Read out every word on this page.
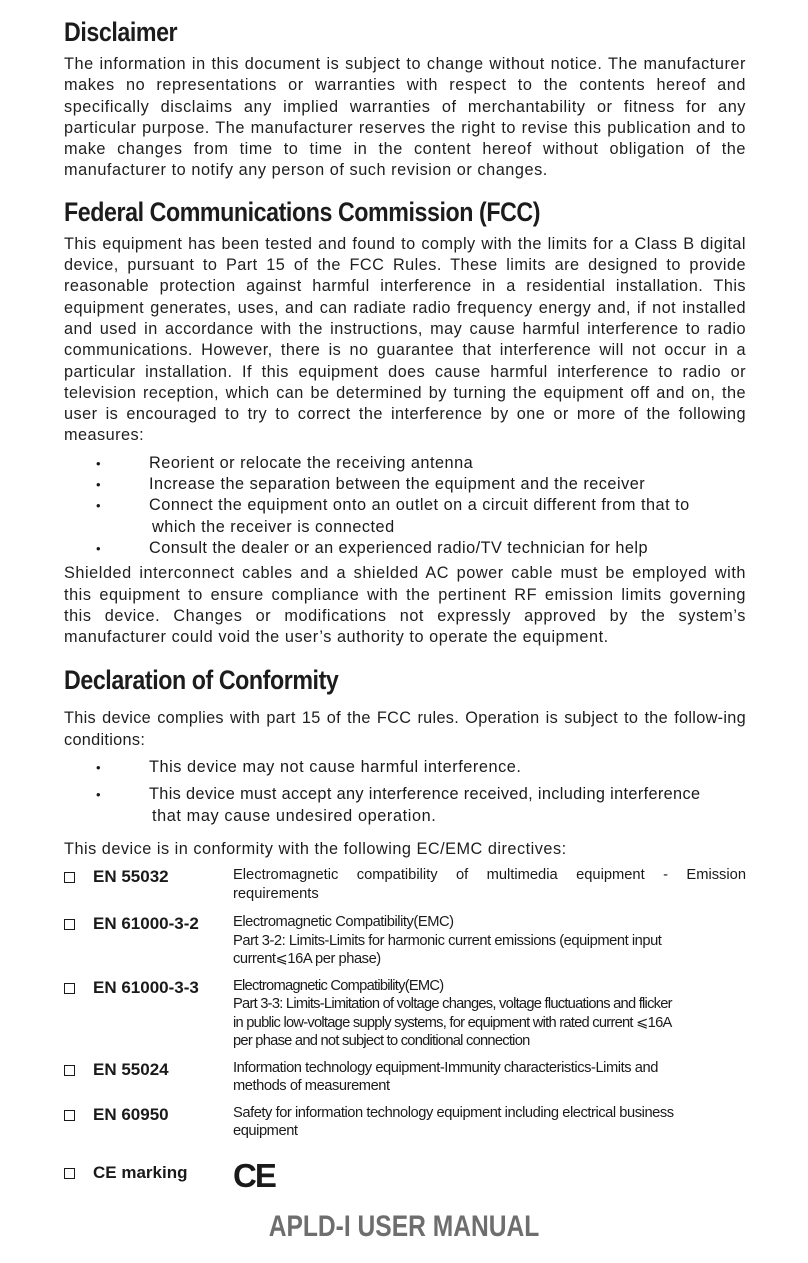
Disclaimer

The information in this document is subject to change without notice. The manufacturer makes no representations or warranties with respect to the contents hereof and specifically disclaims any implied warranties of merchantability or fitness for any particular purpose. The manufacturer reserves the right to revise this publication and to make changes from time to time in the content hereof without obligation of the manufacturer to notify any person of such revision or changes.

Federal Communications Commission (FCC)

This equipment has been tested and found to comply with the limits for a Class B digital device, pursuant to Part 15 of the FCC Rules. These limits are designed to provide reasonable protection against harmful interference in a residential installation. This equipment generates, uses, and can radiate radio frequency energy and, if not installed and used in accordance with the instructions, may cause harmful interference to radio communications. However, there is no guarantee that interference will not occur in a particular installation. If this equipment does cause harmful interference to radio or television reception, which can be determined by turning the equipment off and on, the user is encouraged to try to correct the interference by one or more of the following measures:

•	Reorient or relocate the receiving antenna
•	Increase the separation between the equipment and the receiver
•	Connect the equipment onto an outlet on a circuit different from that to
which the receiver is connected
•	Consult the dealer or an experienced radio/TV technician for help

Shielded interconnect cables and a shielded AC power cable must be employed with this equipment to ensure compliance with the pertinent RF emission limits governing this device. Changes or modifications not expressly approved by the system’s manufacturer could void the user’s authority to operate the equipment.

Declaration of Conformity

This device complies with part 15 of the FCC rules. Operation is subject to the follow-ing conditions:

•	This device may not cause harmful interference.
•	This device must accept any interference received, including interference
that may cause undesired operation.

This device is in conformity with the following EC/EMC directives:

EN 55032	Electromagnetic compatibility of multimedia equipment - Emission
requirements
EN 61000-3-2 Electromagnetic Compatibility(EMC)
Part 3-2: Limits-Limits for harmonic current emissions (equipment input
current⩽16A per phase)
EN 61000-3-3 Electromagnetic Compatibility(EMC)
Part 3-3: Limits-Limitation of voltage changes, voltage fluctuations and flicker
in public low-voltage supply systems, for equipment with rated current ⩽16A
per phase and not subject to conditional connection
EN 55024	Information technology equipment-Immunity characteristics-Limits and
methods of measurement
EN 60950	Safety for information technology equipment including electrical business
equipment
CE marking CE
APLD-I USER MANUAL
